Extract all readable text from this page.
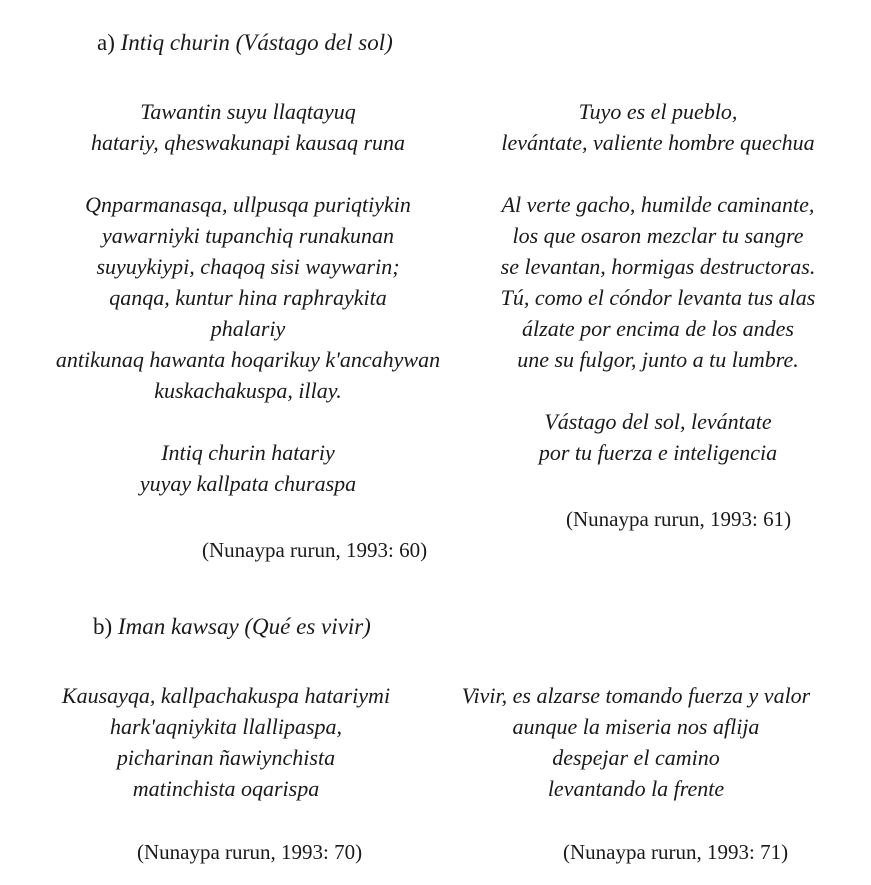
a) Intiq churin (Vástago del sol)
Tawantin suyu llaqtayuq
hatariy, qheswakunapi kausaq runa
Qnparmanasqa, ullpusqa puriqtiykin
yawarniyki tupanchiq runakunan
suyuykiypi, chaqoq sisi waywarin;
qanqa, kuntur hina raphraykita
phalariy
antikunaq hawanta hoqarikuy k'ancahywan
kuskachakuspa, illay.
Intiq churin hatariy
yuyay kallpata churaspa
Tuyo es el pueblo,
levántate, valiente hombre quechua
Al verte gacho, humilde caminante,
los que osaron mezclar tu sangre
se levantan, hormigas destructoras.
Tú, como el cóndor levanta tus alas
álzate por encima de los andes
une su fulgor, junto a tu lumbre.
Vástago del sol, levántate
por tu fuerza e inteligencia
(Nunaypa rurun, 1993: 60)
(Nunaypa rurun, 1993: 61)
b) Iman kawsay (Qué es vivir)
Kausayqa, kallpachakuspa hatariymi
hark'aqniykita llallipaspa,
picharinan ñawiynchista
matinchista oqarispa
Vivir, es alzarse tomando fuerza y valor
aunque la miseria nos aflija
despejar el camino
levantando la frente
(Nunaypa rurun, 1993: 70)	(Nunaypa rurun, 1993: 71)
